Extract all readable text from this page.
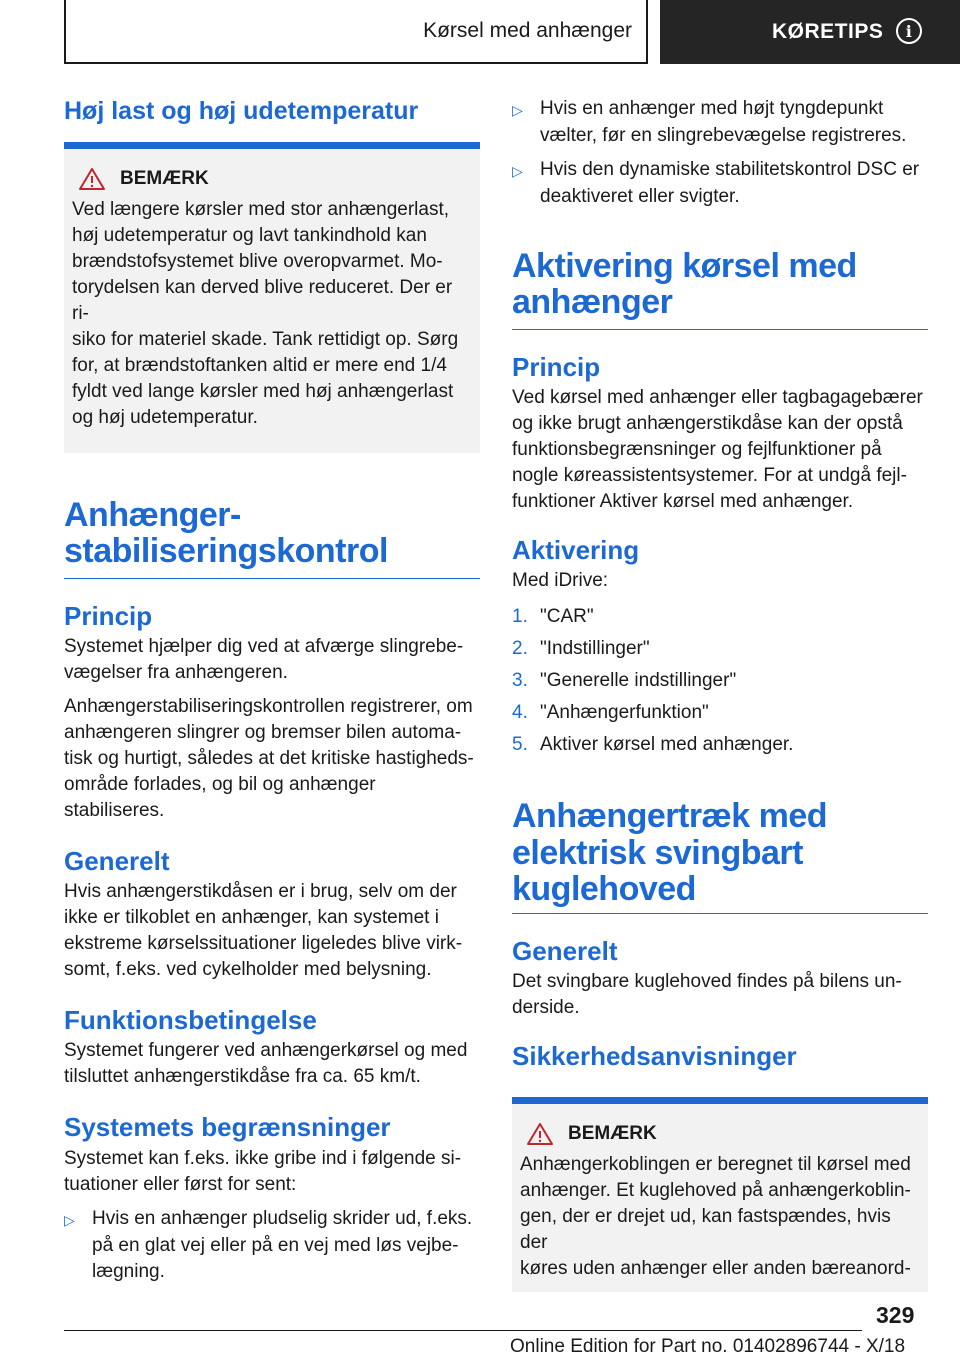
Kørsel med anhænger	KØRETIPS	i
Høj last og høj udetemperatur
BEMÆRK

Ved længere kørsler med stor anhængerlast,

høj udetemperatur og lavt tankindhold kan

brændstofsystemet blive overopvarmet. Mo-

torydelsen kan derved blive reduceret. Der er ri-

siko for materiel skade. Tank rettidigt op. Sørg

for, at brændstoftanken altid er mere end 1/4

fyldt ved lange kørsler med høj anhængerlast

og høj udetemperatur.

Anhænger-
stabiliseringskontrol
Princip

Systemet hjælper dig ved at afværge slingrebe-

vægelser fra anhængeren.

Anhængerstabiliseringskontrollen registrerer, om

anhængeren slingrer og bremser bilen automa-

tisk og hurtigt, således at det kritiske hastigheds-

område forlades, og bil og anhænger stabiliseres.

Generelt

Hvis anhængerstikdåsen er i brug, selv om der

ikke er tilkoblet en anhænger, kan systemet i

ekstreme kørselssituationer ligeledes blive virk-

somt, f.eks. ved cykelholder med belysning.

Funktionsbetingelse

Systemet fungerer ved anhængerkørsel og med

tilsluttet anhængerstikdåse fra ca. 65 km/t.

Systemets begrænsninger

Systemet kan f.eks. ikke gribe ind i følgende si-

tuationer eller først for sent:

▷ Hvis en anhænger pludselig skrider ud, f.eks.
på en glat vej eller på en vej med løs vejbe-
lægning.
▷ Hvis en anhænger med højt tyngdepunkt
vælter, før en slingrebevægelse registreres.
▷ Hvis den dynamiske stabilitetskontrol DSC er
deaktiveret eller svigter.
Aktivering kørsel med
anhænger
Princip

Ved kørsel med anhænger eller tagbagagebærer

og ikke brugt anhængerstikdåse kan der opstå

funktionsbegrænsninger og fejlfunktioner på

nogle køreassistentsystemer. For at undgå fejl-

funktioner Aktiver kørsel med anhænger.

Aktivering

Med iDrive:

1. "CAR"
2. "Indstillinger"
3. "Generelle indstillinger"
4. "Anhængerfunktion"
5. Aktiver kørsel med anhænger.
Anhængertræk med
elektrisk svingbart
kuglehoved
Generelt

Det svingbare kuglehoved findes på bilens un-

derside.

Sikkerhedsanvisninger
BEMÆRK

Anhængerkoblingen er beregnet til kørsel med

anhænger. Et kuglehoved på anhængerkoblin-

gen, der er drejet ud, kan fastspændes, hvis der

køres uden anhænger eller anden bæreanord-

329
Online Edition for Part no. 01402896744 - X/18
